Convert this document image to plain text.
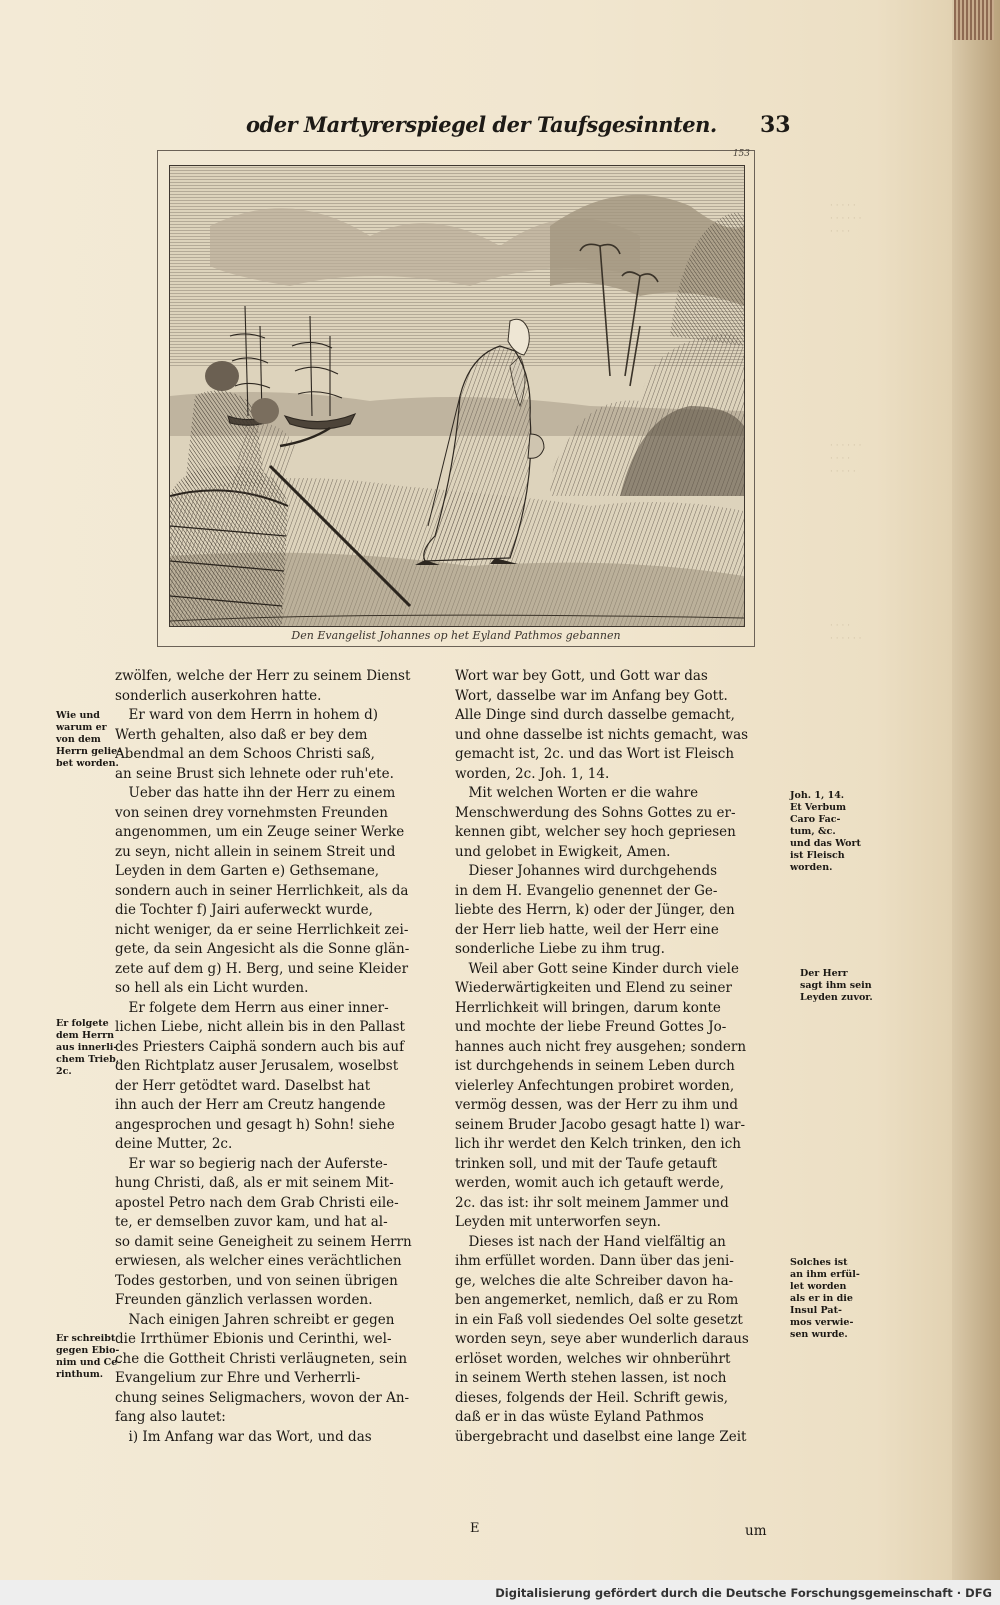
· · · · ·
· · · · · ·
· · · ·
· · · · · ·
· · · ·
· · · · ·
· · · ·
· · · · · ·
oder Martyrerspiegel der Taufsgesinnten. 33
153
Den Evangelist Johannes op het Eyland Pathmos gebannen
zwölfen, welche der Herr zu seinem Dienst
sonderlich auserkohren hatte.
 Er ward von dem Herrn in hohem d)
Werth gehalten, also daß er bey dem
Abendmal an dem Schoos Christi saß,
an seine Brust sich lehnete oder ruh'ete.
 Ueber das hatte ihn der Herr zu einem
von seinen drey vornehmsten Freunden
angenommen, um ein Zeuge seiner Werke
zu seyn, nicht allein in seinem Streit und
Leyden in dem Garten e) Gethsemane,
sondern auch in seiner Herrlichkeit, als da
die Tochter f) Jairi auferweckt wurde,
nicht weniger, da er seine Herrlichkeit zei-
gete, da sein Angesicht als die Sonne glän-
zete auf dem g) H. Berg, und seine Kleider
so hell als ein Licht wurden.
 Er folgete dem Herrn aus einer inner-
lichen Liebe, nicht allein bis in den Pallast
des Priesters Caiphä sondern auch bis auf
den Richtplatz auser Jerusalem, woselbst
der Herr getödtet ward. Daselbst hat
ihn auch der Herr am Creutz hangende
angesprochen und gesagt h) Sohn! siehe
deine Mutter, 2c.
 Er war so begierig nach der Auferste-
hung Christi, daß, als er mit seinem Mit-
apostel Petro nach dem Grab Christi eile-
te, er demselben zuvor kam, und hat al-
so damit seine Geneigheit zu seinem Herrn
erwiesen, als welcher eines verächtlichen
Todes gestorben, und von seinen übrigen
Freunden gänzlich verlassen worden.
 Nach einigen Jahren schreibt er gegen
die Irrthümer Ebionis und Cerinthi, wel-
che die Gottheit Christi verläugneten, sein
Evangelium zur Ehre und Verherrli-
chung seines Seligmachers, wovon der An-
fang also lautet:
 i) Im Anfang war das Wort, und das
Wort war bey Gott, und Gott war das
Wort, dasselbe war im Anfang bey Gott.
Alle Dinge sind durch dasselbe gemacht,
und ohne dasselbe ist nichts gemacht, was
gemacht ist, 2c. und das Wort ist Fleisch
worden, 2c. Joh. 1, 14.
 Mit welchen Worten er die wahre
Menschwerdung des Sohns Gottes zu er-
kennen gibt, welcher sey hoch gepriesen
und gelobet in Ewigkeit, Amen.
 Dieser Johannes wird durchgehends
in dem H. Evangelio genennet der Ge-
liebte des Herrn, k) oder der Jünger, den
der Herr lieb hatte, weil der Herr eine
sonderliche Liebe zu ihm trug.
 Weil aber Gott seine Kinder durch viele
Wiederwärtigkeiten und Elend zu seiner
Herrlichkeit will bringen, darum konte
und mochte der liebe Freund Gottes Jo-
hannes auch nicht frey ausgehen; sondern
ist durchgehends in seinem Leben durch
vielerley Anfechtungen probiret worden,
vermög dessen, was der Herr zu ihm und
seinem Bruder Jacobo gesagt hatte l) war-
lich ihr werdet den Kelch trinken, den ich
trinken soll, und mit der Taufe getauft
werden, womit auch ich getauft werde,
2c. das ist: ihr solt meinem Jammer und
Leyden mit unterworfen seyn.
 Dieses ist nach der Hand vielfältig an
ihm erfüllet worden. Dann über das jeni-
ge, welches die alte Schreiber davon ha-
ben angemerket, nemlich, daß er zu Rom
in ein Faß voll siedendes Oel solte gesetzt
worden seyn, seye aber wunderlich daraus
erlöset worden, welches wir ohnberührt
in seinem Werth stehen lassen, ist noch
dieses, folgends der Heil. Schrift gewis,
daß er in das wüste Eyland Pathmos
übergebracht und daselbst eine lange Zeit
Wie und
warum er
von dem
Herrn gelie-
bet worden.
Er folgete
dem Herrn
aus innerli-
chem Trieb,
2c.
Er schreibt
gegen Ebio-
nim und Ce-
rinthum.
Joh. 1, 14.
Et Verbum
Caro Fac-
tum, &c.
und das Wort
ist Fleisch
worden.
Der Herr
sagt ihm sein
Leyden zuvor.
Solches ist
an ihm erfül-
let worden
als er in die
Insul Pat-
mos verwie-
sen wurde.
E	um
Digitalisierung gefördert durch die Deutsche Forschungsgemeinschaft · DFG
